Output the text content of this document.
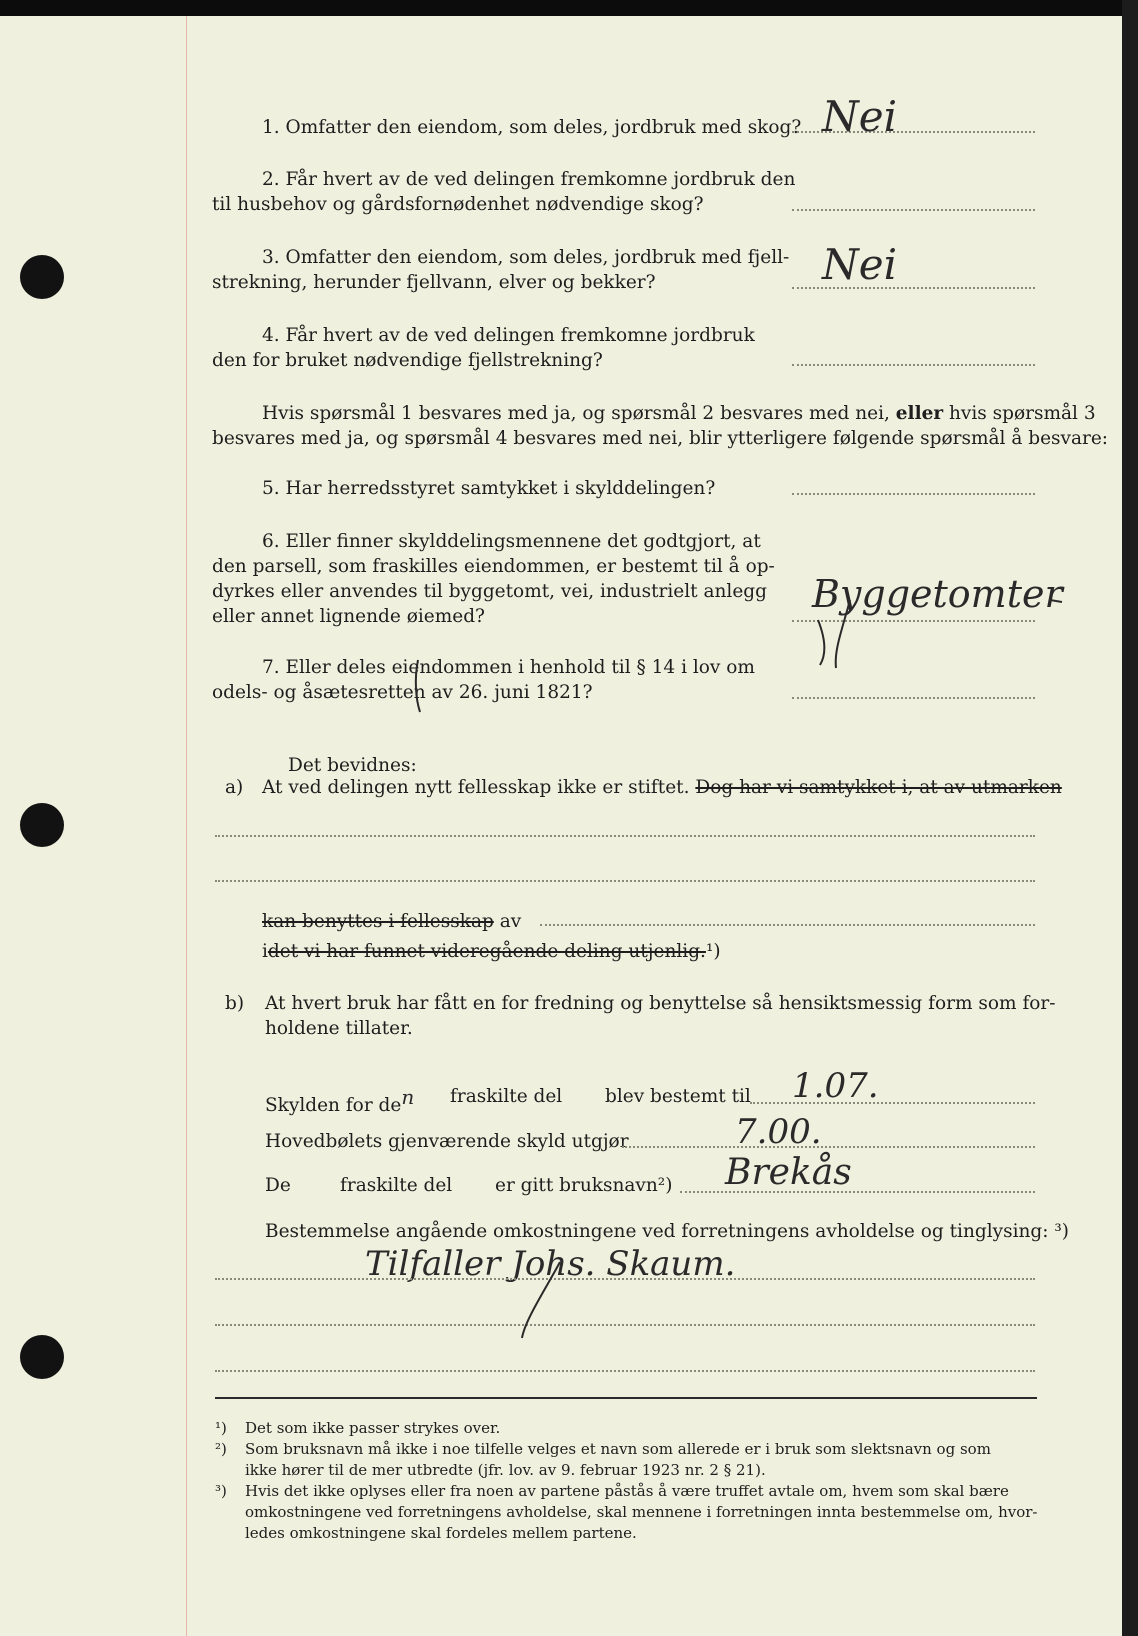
1. Omfatter den eiendom, som deles, jordbruk med skog? Nei
2. Får hvert av de ved delingen fremkomne jordbruk den
til husbehov og gårdsfornødenhet nødvendige skog?
3. Omfatter den eiendom, som deles, jordbruk med fjell-
strekning, herunder fjellvann, elver og bekker?	Nei
4. Får hvert av de ved delingen fremkomne jordbruk
den for bruket nødvendige fjellstrekning?
Hvis spørsmål 1 besvares med ja, og spørsmål 2 besvares med nei, eller hvis spørsmål 3
besvares med ja, og spørsmål 4 besvares med nei, blir ytterligere følgende spørsmål å besvare:
5. Har herredsstyret samtykket i skylddelingen?
6. Eller finner skylddelingsmennene det godtgjort, at
den parsell, som fraskilles eiendommen, er bestemt til å op-
dyrkes eller anvendes til byggetomt, vei, industrielt anlegg
eller annet lignende øiemed?
Byggetomter
7. Eller deles eiendommen i henhold til § 14 i lov om
odels- og åsætesretten av 26. juni 1821?
Det bevidnes:
a) At ved delingen nytt fellesskap ikke er stiftet. Dog har vi samtykket i, at av utmarken
kan benyttes i fellesskap av
idet vi har funnet videregående deling utjenlig.¹)
b) At hvert bruk har fått en for fredning og benyttelse så hensiktsmessig form som for-
holdene tillater.
Skylden for den fraskilte del blev bestemt til 1.07.
Hovedbølets gjenværende skyld utgjør	7.00.
De	fraskilte del er gitt bruksnavn²) Brekås
Bestemmelse angående omkostningene ved forretningens avholdelse og tinglysing: ³)
Tilfaller Johs. Skaum.
¹) Det som ikke passer strykes over.
²) Som bruksnavn må ikke i noe tilfelle velges et navn som allerede er i bruk som slektsnavn og som
ikke hører til de mer utbredte (jfr. lov. av 9. februar 1923 nr. 2 § 21).
³) Hvis det ikke oplyses eller fra noen av partene påstås å være truffet avtale om, hvem som skal bære
omkostningene ved forretningens avholdelse, skal mennene i forretningen innta bestemmelse om, hvor-
ledes omkostningene skal fordeles mellem partene.
